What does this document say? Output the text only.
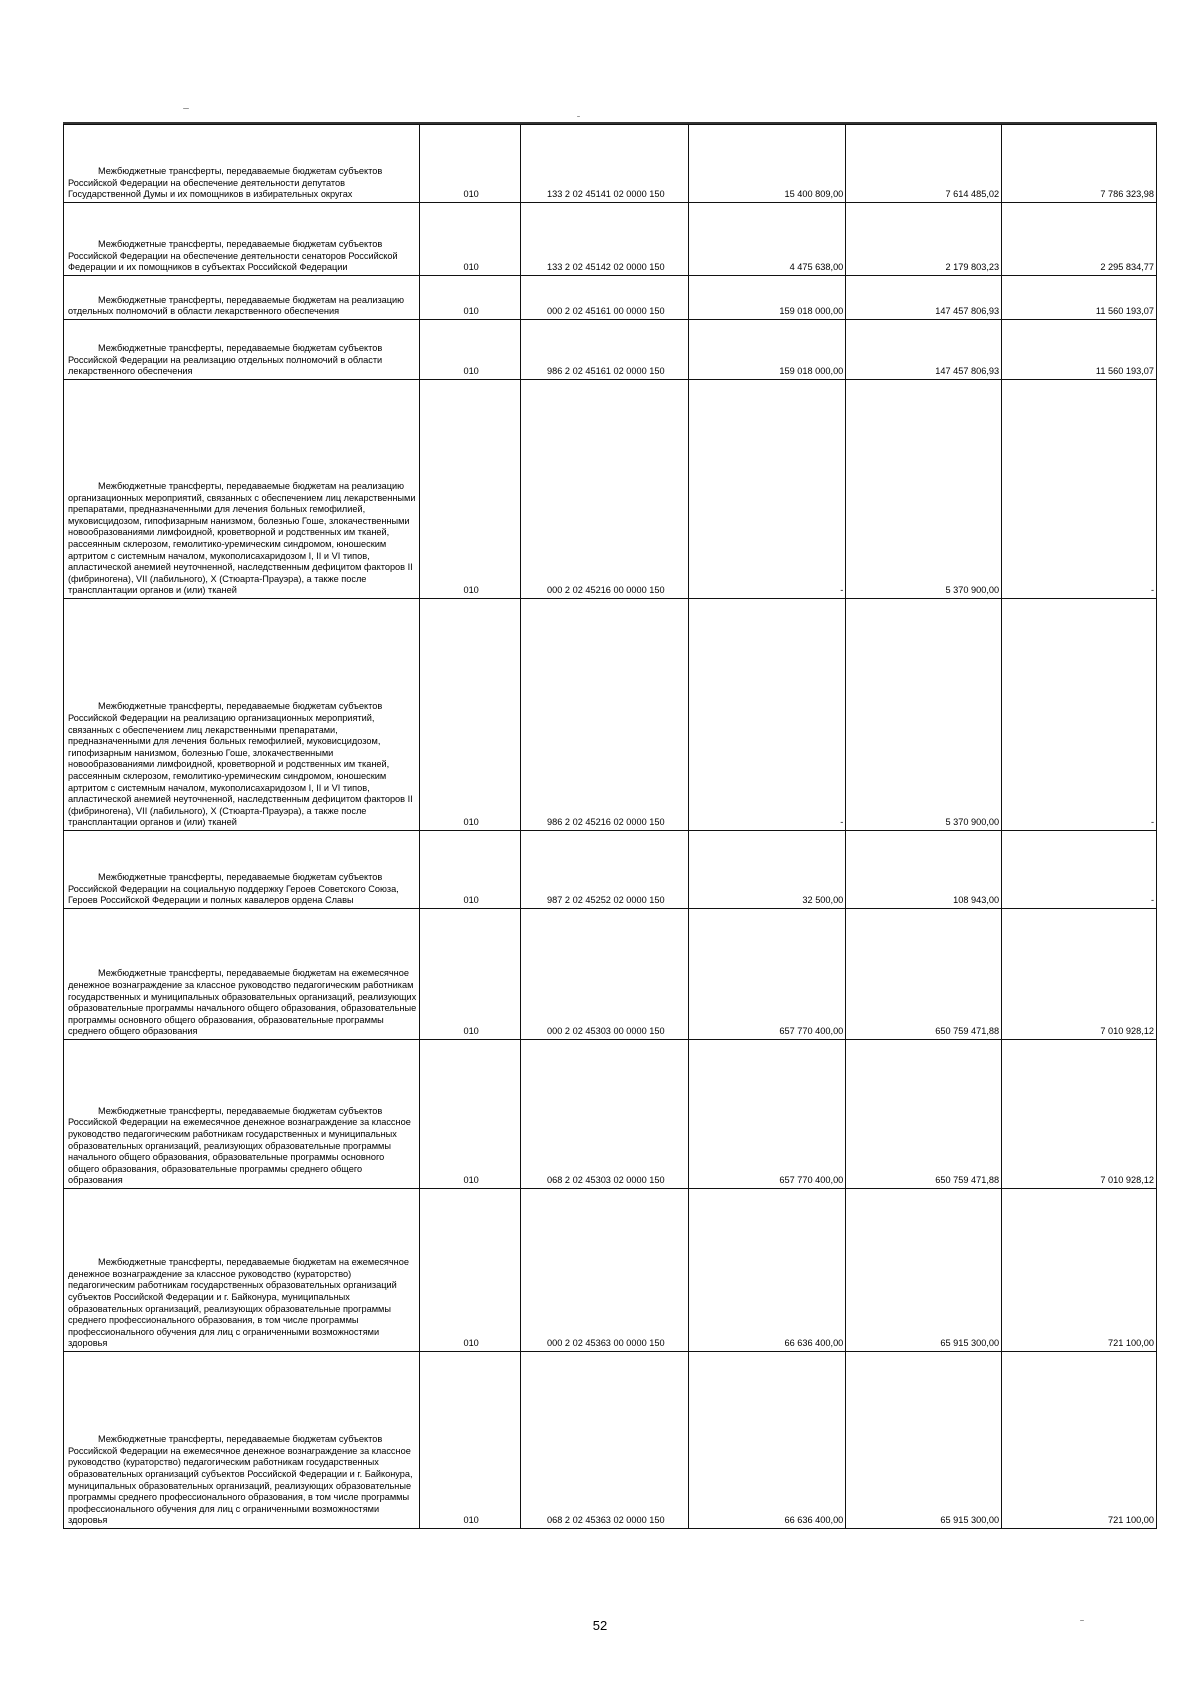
Межбюджетные трансферты, передаваемые бюджетам субъектов Российской Федерации на обеспечение деятельности депутатов Государственной Думы и их помощников в избирательных округах	010	133 2 02 45141 02 0000 150	15 400 809,00	7 614 485,02	7 786 323,98

Межбюджетные трансферты, передаваемые бюджетам субъектов Российской Федерации на обеспечение деятельности сенаторов Российской Федерации и их помощников в субъектах Российской Федерации	010	133 2 02 45142 02 0000 150	4 475 638,00	2 179 803,23	2 295 834,77

Межбюджетные трансферты, передаваемые бюджетам на реализацию отдельных полномочий в области лекарственного обеспечения	010	000 2 02 45161 00 0000 150	159 018 000,00	147 457 806,93	11 560 193,07

Межбюджетные трансферты, передаваемые бюджетам субъектов Российской Федерации на реализацию отдельных полномочий в области лекарственного обеспечения	010	986 2 02 45161 02 0000 150	159 018 000,00	147 457 806,93	11 560 193,07

Межбюджетные трансферты, передаваемые бюджетам на реализацию организационных мероприятий, связанных с обеспечением лиц лекарственными препаратами, предназначенными для лечения больных гемофилией, муковисцидозом, гипофизарным нанизмом, болезнью Гоше, злокачественными новообразованиями лимфоидной, кроветворной и родственных им тканей, рассеянным склерозом, гемолитико-уремическим синдромом, юношеским артритом с системным началом, мукополисахаридозом I, II и VI типов, апластической анемией неуточненной, наследственным дефицитом факторов II (фибриногена), VII (лабильного), X (Стюарта-Прауэра), а также после трансплантации органов и (или) тканей	010	000 2 02 45216 00 0000 150	-	5 370 900,00	-

Межбюджетные трансферты, передаваемые бюджетам субъектов Российской Федерации на реализацию организационных мероприятий, связанных с обеспечением лиц лекарственными препаратами, предназначенными для лечения больных гемофилией, муковисцидозом, гипофизарным нанизмом, болезнью Гоше, злокачественными новообразованиями лимфоидной, кроветворной и родственных им тканей, рассеянным склерозом, гемолитико-уремическим синдромом, юношеским артритом с системным началом, мукополисахаридозом I, II и VI типов, апластической анемией неуточненной, наследственным дефицитом факторов II (фибриногена), VII (лабильного), X (Стюарта-Прауэра), а также после трансплантации органов и (или) тканей	010	986 2 02 45216 02 0000 150	-	5 370 900,00	-

Межбюджетные трансферты, передаваемые бюджетам субъектов Российской Федерации на социальную поддержку Героев Советского Союза, Героев Российской Федерации и полных кавалеров ордена Славы	010	987 2 02 45252 02 0000 150	32 500,00	108 943,00	-

Межбюджетные трансферты, передаваемые бюджетам на ежемесячное денежное вознаграждение за классное руководство педагогическим работникам государственных и муниципальных образовательных организаций, реализующих образовательные программы начального общего образования, образовательные программы основного общего образования, образовательные программы среднего общего образования	010	000 2 02 45303 00 0000 150	657 770 400,00	650 759 471,88	7 010 928,12

Межбюджетные трансферты, передаваемые бюджетам субъектов Российской Федерации на ежемесячное денежное вознаграждение за классное руководство педагогическим работникам государственных и муниципальных образовательных организаций, реализующих образовательные программы начального общего образования, образовательные программы основного общего образования, образовательные программы среднего общего образования	010	068 2 02 45303 02 0000 150	657 770 400,00	650 759 471,88	7 010 928,12

Межбюджетные трансферты, передаваемые бюджетам на ежемесячное денежное вознаграждение за классное руководство (кураторство) педагогическим работникам государственных образовательных организаций субъектов Российской Федерации и г. Байконура, муниципальных образовательных организаций, реализующих образовательные программы среднего профессионального образования, в том числе программы профессионального обучения для лиц с ограниченными возможностями здоровья	010	000 2 02 45363 00 0000 150	66 636 400,00	65 915 300,00	721 100,00

Межбюджетные трансферты, передаваемые бюджетам субъектов Российской Федерации на ежемесячное денежное вознаграждение за классное руководство (кураторство) педагогическим работникам государственных образовательных организаций субъектов Российской Федерации и г. Байконура, муниципальных образовательных организаций, реализующих образовательные программы среднего профессионального образования, в том числе программы профессионального обучения для лиц с ограниченными возможностями здоровья	010	068 2 02 45363 02 0000 150	66 636 400,00	65 915 300,00	721 100,00
52
